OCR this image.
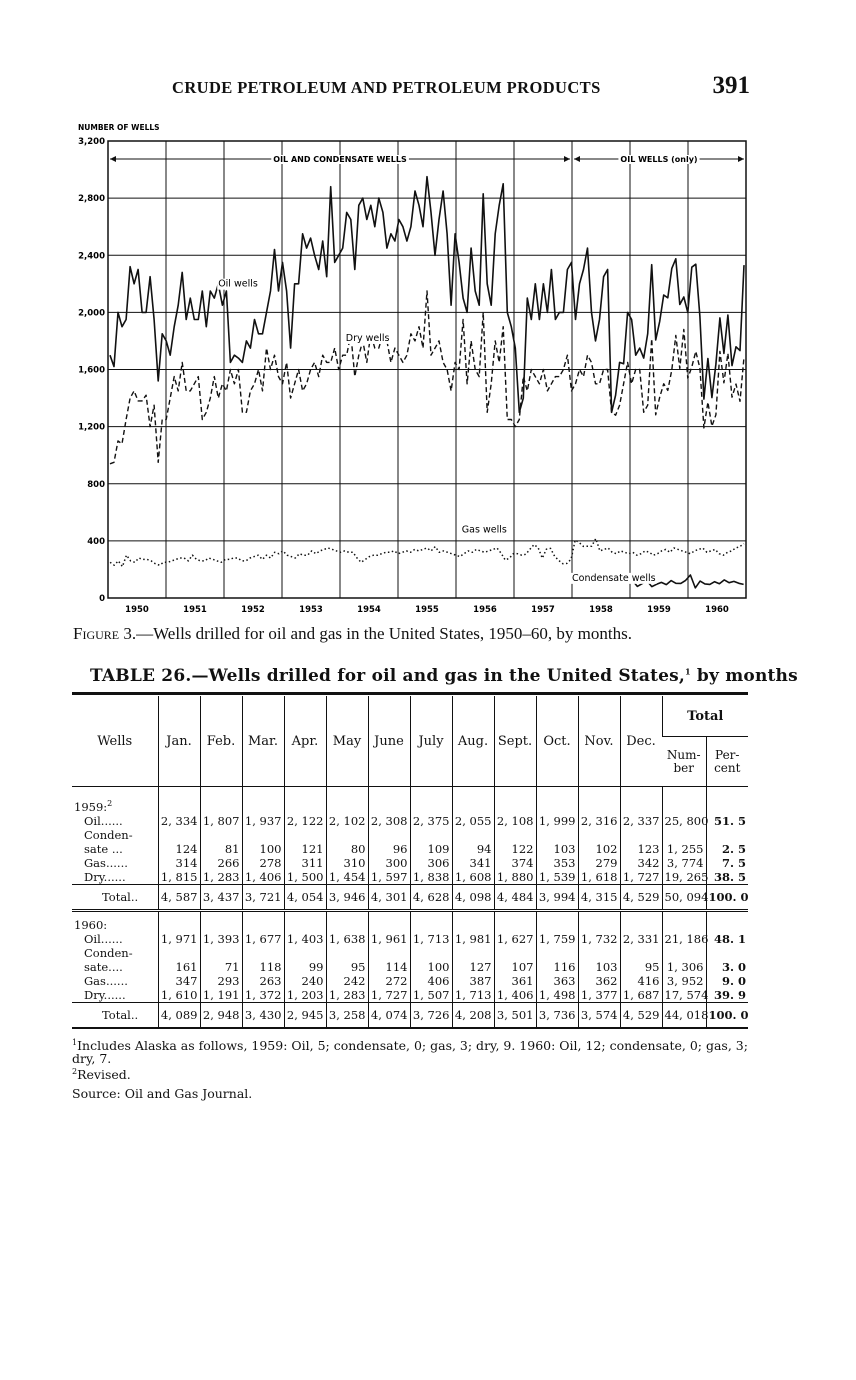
CRUDE PETROLEUM AND PETROLEUM PRODUCTS	391
0
400
800
1,200
1,600
2,000
2,400
2,800
3,200
1950	1951	1952	1953	1954	1955	1956	1957	1958	1959	1960
NUMBER OF WELLS
OIL AND CONDENSATE WELLS	OIL WELLS (only)
Oil wells
Dry wells
Gas wells
Condensate wells
Figure 3.—Wells drilled for oil and gas in the United States, 1950–60, by months.
TABLE 26.—Wells drilled for oil and gas in the United States,$^1$ by months
Wells	Jan.	Feb.	Mar.	Apr.	May	June	July	Aug.	Sept.	Oct.	Nov.	Dec.	Total	
													Num-ber	Per-cent
1959:$^2$														
Oil......	2, 334	1, 807	1, 937	2, 122	2, 102	2, 308	2, 375	2, 055	2, 108	1, 999	2, 316	2, 337	25, 800	51. 5
Conden-														
sate ...	124	81	100	121	80	96	109	94	122	103	102	123	1, 255	2. 5
Gas......	314	266	278	311	310	300	306	341	374	353	279	342	3, 774	7. 5
Dry......	1, 815	1, 283	1, 406	1, 500	1, 454	1, 597	1, 838	1, 608	1, 880	1, 539	1, 618	1, 727	19, 265	38. 5
Total..	4, 587	3, 437	3, 721	4, 054	3, 946	4, 301	4, 628	4, 098	4, 484	3, 994	4, 315	4, 529	50, 094	100. 0
1960:														
Oil......	1, 971	1, 393	1, 677	1, 403	1, 638	1, 961	1, 713	1, 981	1, 627	1, 759	1, 732	2, 331	21, 186	48. 1
Conden-														
sate....	161	71	118	99	95	114	100	127	107	116	103	95	1, 306	3. 0
Gas......	347	293	263	240	242	272	406	387	361	363	362	416	3, 952	9. 0
Dry......	1, 610	1, 191	1, 372	1, 203	1, 283	1, 727	1, 507	1, 713	1, 406	1, 498	1, 377	1, 687	17, 574	39. 9
Total..	4, 089	2, 948	3, 430	2, 945	3, 258	4, 074	3, 726	4, 208	3, 501	3, 736	3, 574	4, 529	44, 018	100. 0

$^1$Includes Alaska as follows, 1959: Oil, 5; condensate, 0; gas, 3; dry, 9. 1960: Oil, 12; condensate, 0; gas, 3; dry, 7.

$^2$Revised.

Source: Oil and Gas Journal.
